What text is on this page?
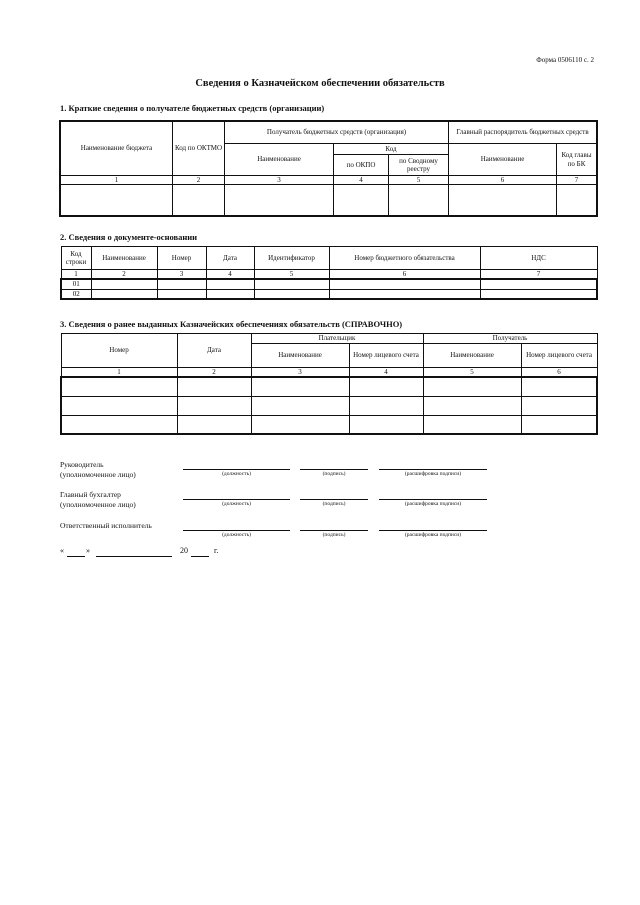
Форма 0506110 с. 2
Сведения о Казначейском обеспечении обязательств
1. Краткие сведения о получателе бюджетных средств (организации)
Наименование бюджета	Код по ОКТМО	Получатель бюджетных средств (организация)			Главный распорядитель бюджетных средств	
		Наименование	Код		Наименование	Код главы по БК
			по ОКПО	по Сводному реестру		
1	2	3	4	5	6	7

2. Сведения о документе-основании
Код строки	Наименование	Номер	Дата	Идентификатор	Номер бюджетного обязательства	НДС
1	2	3	4	5	6	7
01						
02						
3. Сведения о ранее выданных Казначейских обеспечениях обязательств (СПРАВОЧНО)
Номер	Дата	Плательщик		Получатель	
		Наименование	Номер лицевого счета	Наименование	Номер лицевого счета
1	2	3	4	5	6

Руководитель
(уполномоченное лицо)	(должность)	(подпись)	(расшифровка подписи)
Главный бухгалтер
(уполномоченное лицо)	(должность)	(подпись)	(расшифровка подписи)
Ответственный исполнитель
(должность)	(подпись)	(расшифровка подписи)
«	»	20	г.
